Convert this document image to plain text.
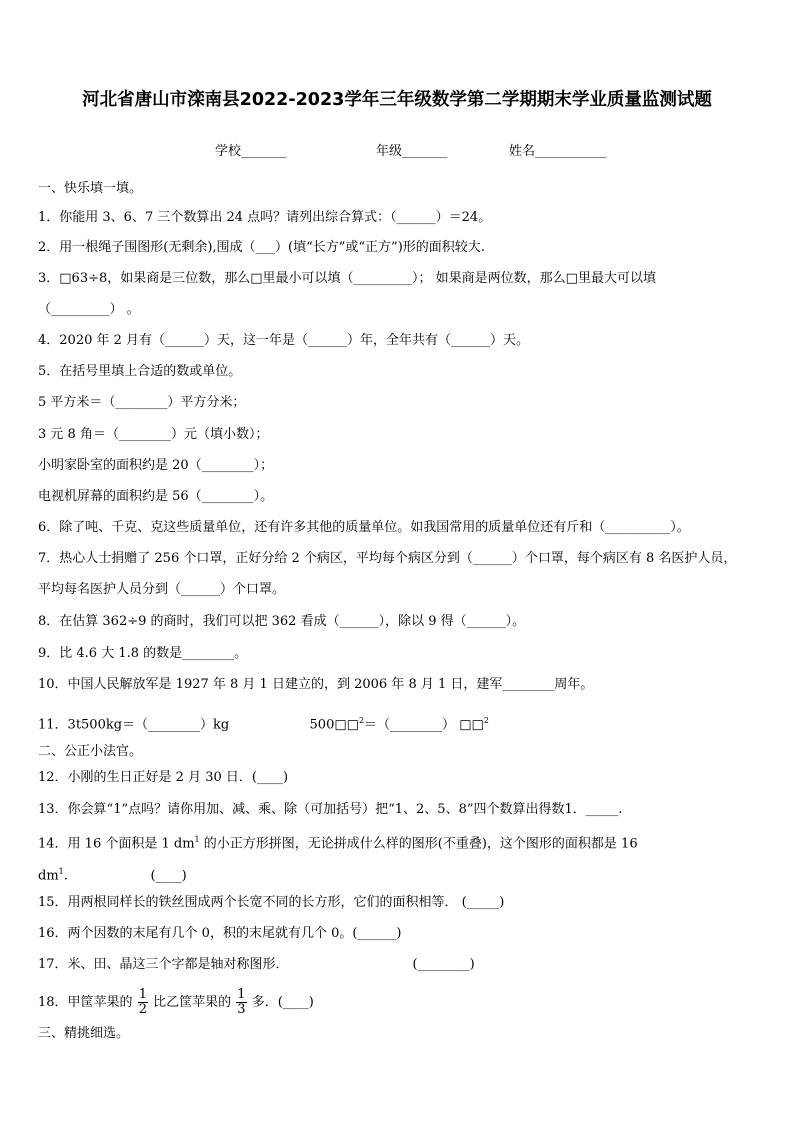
河北省唐山市滦南县2022-2023学年三年级数学第二学期期末学业质量监测试题
学校_______	年级_______	姓名___________
一、快乐填一填。
1．你能用 3、6、7 三个数算出 24 点吗？请列出综合算式：（______）＝24。
2．用一根绳子围图形(无剩余),围成（___）(填“长方”或“正方”)形的面积较大.
3．□63÷8，如果商是三位数，那么□里最小可以填（_________）； 如果商是两位数，那么□里最大可以填
（_________） 。
4．2020 年 2 月有（______）天，这一年是（______）年，全年共有（______）天。
5．在括号里填上合适的数或单位。
5 平方米＝（________）平方分米；
3 元 8 角＝（________）元（填小数）；
小明家卧室的面积约是 20（________）；
电视机屏幕的面积约是 56（________）。
6．除了吨、千克、克这些质量单位，还有许多其他的质量单位。如我国常用的质量单位还有斤和（__________）。
7．热心人士捐赠了 256 个口罩，正好分给 2 个病区，平均每个病区分到（______）个口罩，每个病区有 8 名医护人员，
平均每名医护人员分到（______）个口罩。
8．在估算 362÷9 的商时，我们可以把 362 看成（______），除以 9 得（______）。
9．比 4.6 大 1.8 的数是________。
10．中国人民解放军是 1927 年 8 月 1 日建立的，到 2006 年 8 月 1 日，建军________周年。
11．3t500kg＝（________）kg	500□□$^2$＝（________） □□$^2$
二、公正小法官。
12．小刚的生日正好是 2 月 30 日．(____)
13．你会算“1”点吗？请你用加、减、乘、除（可加括号）把“1、2、5、8”四个数算出得数1．_____.
14．用 16 个面积是 1 $dm^1$ 的小正方形拼图，无论拼成什么样的图形(不重叠)，这个图形的面积都是 16
$dm^1$.                    (____)
15．用两根同样长的铁丝围成两个长宽不同的长方形，它们的面积相等． (_____)
16．两个因数的末尾有几个 0，积的末尾就有几个 0。(______)
17．米、田、晶这三个字都是轴对称图形．                              (________)
18．甲筐苹果的 $\frac{1}{2}$ 比乙筐苹果的 $\frac{1}{3}$ 多．(____)
三、精挑细选。
